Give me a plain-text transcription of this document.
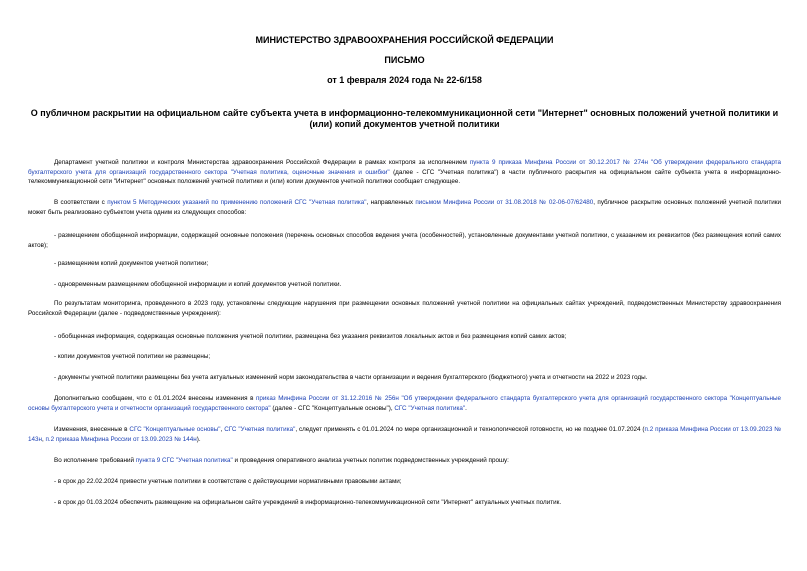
МИНИСТЕРСТВО ЗДРАВООХРАНЕНИЯ РОССИЙСКОЙ ФЕДЕРАЦИИ
ПИСЬМО
от 1 февраля 2024 года № 22-6/158
О публичном раскрытии на официальном сайте субъекта учета в информационно-телекоммуникационной сети "Интернет" основных положений учетной политики и (или) копий документов учетной политики
Департамент учетной политики и контроля Министерства здравоохранения Российской Федерации в рамках контроля за исполнением пункта 9 приказа Минфина России от 30.12.2017 № 274н "Об утверждении федерального стандарта бухгалтерского учета для организаций государственного сектора "Учетная политика, оценочные значения и ошибки" (далее - СГС "Учетная политика") в части публичного раскрытия на официальном сайте субъекта учета в информационно-телекоммуникационной сети "Интернет" основных положений учетной политики и (или) копии документов учетной политики сообщает следующее.
В соответствии с пунктом 5 Методических указаний по применению положений СГС "Учетная политика", направленных письмом Минфина России от 31.08.2018 № 02-06-07/62480, публичное раскрытие основных положений учетной политики может быть реализовано субъектом учета одним из следующих способов:
- размещением обобщенной информации, содержащей основные положения (перечень основных способов ведения учета (особенностей), установленные документами учетной политики, с указанием их реквизитов (без размещения копий самих актов);
- размещением копий документов учетной политики;
- одновременным размещением обобщенной информации и копий документов учетной политики.
По результатам мониторинга, проведенного в 2023 году, установлены следующие нарушения при размещении основных положений учетной политики на официальных сайтах учреждений, подведомственных Министерству здравоохранения Российской Федерации (далее - подведомственные учреждения):
- обобщенная информация, содержащая основные положения учетной политики, размещена без указания реквизитов локальных актов и без размещения копий самих актов;
- копии документов учетной политики не размещены;
- документы учетной политики размещены без учета актуальных изменений норм законодательства в части организации и ведения бухгалтерского (бюджетного) учета и отчетности на 2022 и 2023 годы.
Дополнительно сообщаем, что с 01.01.2024 внесены изменения в приказ Минфина России от 31.12.2016 № 256н "Об утверждении федерального стандарта бухгалтерского учета для организаций государственного сектора "Концептуальные основы бухгалтерского учета и отчетности организаций государственного сектора" (далее - СГС "Концептуальные основы"), СГС "Учетная политика".
Изменения, внесенные в СГС "Концептуальные основы", СГС "Учетная политика", следует применять с 01.01.2024 по мере организационной и технологической готовности, но не позднее 01.07.2024 (п.2 приказа Минфина России от 13.09.2023 № 143н, п.2 приказа Минфина России от 13.09.2023 № 144н).
Во исполнение требований пункта 9 СГС "Учетная политика" и проведения оперативного анализа учетных политик подведомственных учреждений прошу:
- в срок до 22.02.2024 привести учетные политики в соответствие с действующими нормативными правовыми актами;
- в срок до 01.03.2024 обеспечить размещение на официальном сайте учреждений в информационно-телекоммуникационной сети "Интернет" актуальных учетных политик.
